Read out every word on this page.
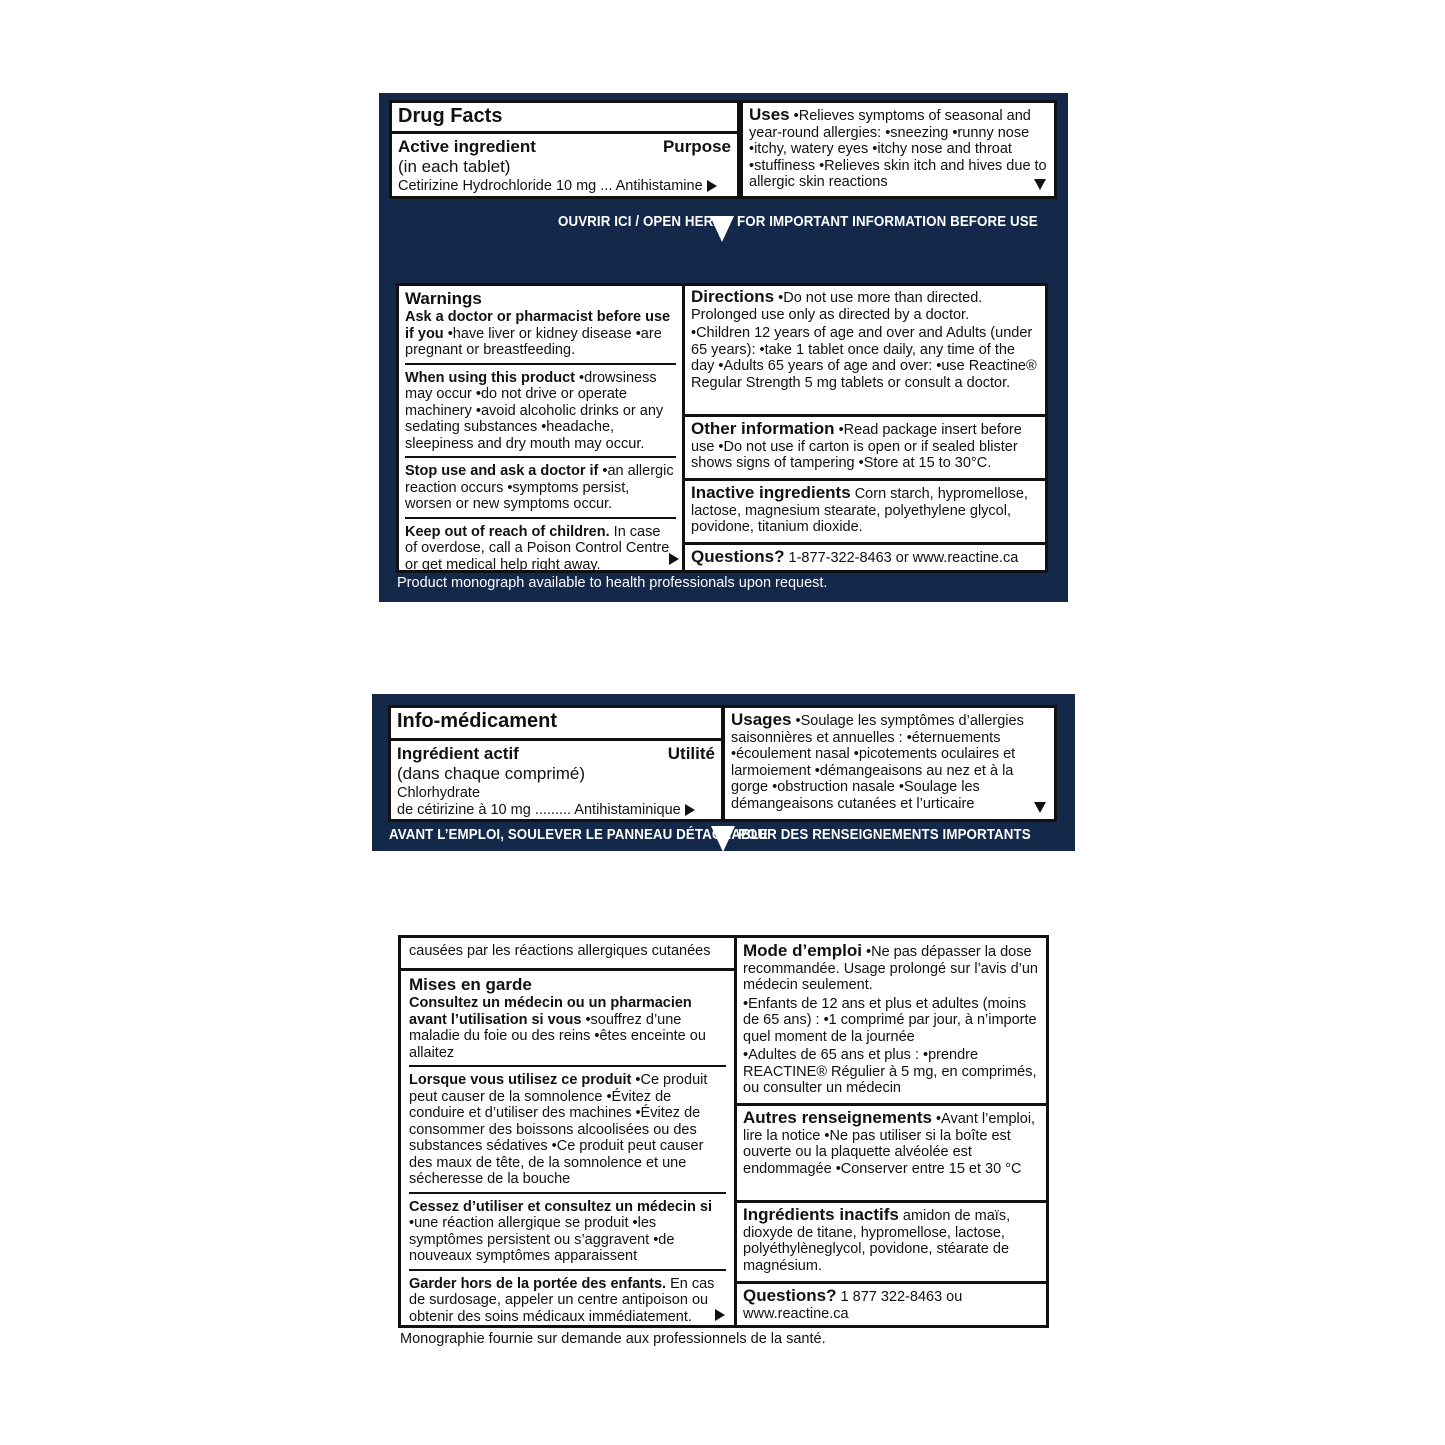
Drug Facts
Active ingredient	Purpose
(in each tablet)
Cetirizine Hydrochloride 10 mg ... Antihistamine
Uses •Relieves symptoms of seasonal and year-round allergies: •sneezing •runny nose •itchy, watery eyes •itchy nose and throat •stuffiness •Relieves skin itch and hives due to allergic skin reactions
OUVRIR ICI / OPEN HERE FOR IMPORTANT INFORMATION BEFORE USE
Warnings

Ask a doctor or pharmacist before use if you •have liver or kidney disease •are pregnant or breastfeeding.

When using this product •drowsiness may occur •do not drive or operate machinery •avoid alcoholic drinks or any sedating substances •headache, sleepiness and dry mouth may occur.

Stop use and ask a doctor if •an allergic reaction occurs •symptoms persist, worsen or new symptoms occur.

Keep out of reach of children. In case of overdose, call a Poison Control Centre or get medical help right away.

Directions •Do not use more than directed. Prolonged use only as directed by a doctor.

•Children 12 years of age and over and Adults (under 65 years): •take 1 tablet once daily, any time of the day •Adults 65 years of age and over: •use Reactine® Regular Strength 5 mg tablets or consult a doctor.

Other information •Read package insert before use •Do not use if carton is open or if sealed blister shows signs of tampering •Store at 15 to 30°C.

Inactive ingredients Corn starch, hypromellose, lactose, magnesium stearate, polyethylene glycol, povidone, titanium dioxide.

Questions? 1-877-322-8463 or www.reactine.ca

Product monograph available to health professionals upon request.
Info-médicament
Ingrédient actif	Utilité
(dans chaque comprimé)
Chlorhydrate
de cétirizine à 10 mg ......... Antihistaminique
Usages •Soulage les symptômes d’allergies saisonnières et annuelles : •éternuements •écoulement nasal •picotements oculaires et larmoiement •démangeaisons au nez et à la gorge •obstruction nasale •Soulage les démangeaisons cutanées et l’urticaire
AVANT L’EMPLOI, SOULEVER LE PANNEAU DÉTACHABLE
POUR DES RENSEIGNEMENTS IMPORTANTS

causées par les réactions allergiques cutanées

Mises en garde

Consultez un médecin ou un pharmacien avant l’utilisation si vous •souffrez d’une maladie du foie ou des reins •êtes enceinte ou allaitez

Lorsque vous utilisez ce produit •Ce produit peut causer de la somnolence •Évitez de conduire et d’utiliser des machines •Évitez de consommer des boissons alcoolisées ou des substances sédatives •Ce produit peut causer des maux de tête, de la somnolence et une sécheresse de la bouche

Cessez d’utiliser et consultez un médecin si •une réaction allergique se produit •les symptômes persistent ou s’aggravent •de nouveaux symptômes apparaissent

Garder hors de la portée des enfants. En cas de surdosage, appeler un centre antipoison ou obtenir des soins médicaux immédiatement.

Mode d’emploi •Ne pas dépasser la dose recommandée. Usage prolongé sur l’avis d’un médecin seulement.

•Enfants de 12 ans et plus et adultes (moins de 65 ans) : •1 comprimé par jour, à n’importe quel moment de la journée

•Adultes de 65 ans et plus : •prendre REACTINE® Régulier à 5 mg, en comprimés, ou consulter un médecin

Autres renseignements •Avant l’emploi, lire la notice •Ne pas utiliser si la boîte est ouverte ou la plaquette alvéolée est endommagée •Conserver entre 15 et 30 °C

Ingrédients inactifs amidon de maïs, dioxyde de titane, hypromellose, lactose, polyéthylèneglycol, povidone, stéarate de magnésium.

Questions? 1 877 322-8463 ou www.reactine.ca

Monographie fournie sur demande aux professionnels de la santé.
